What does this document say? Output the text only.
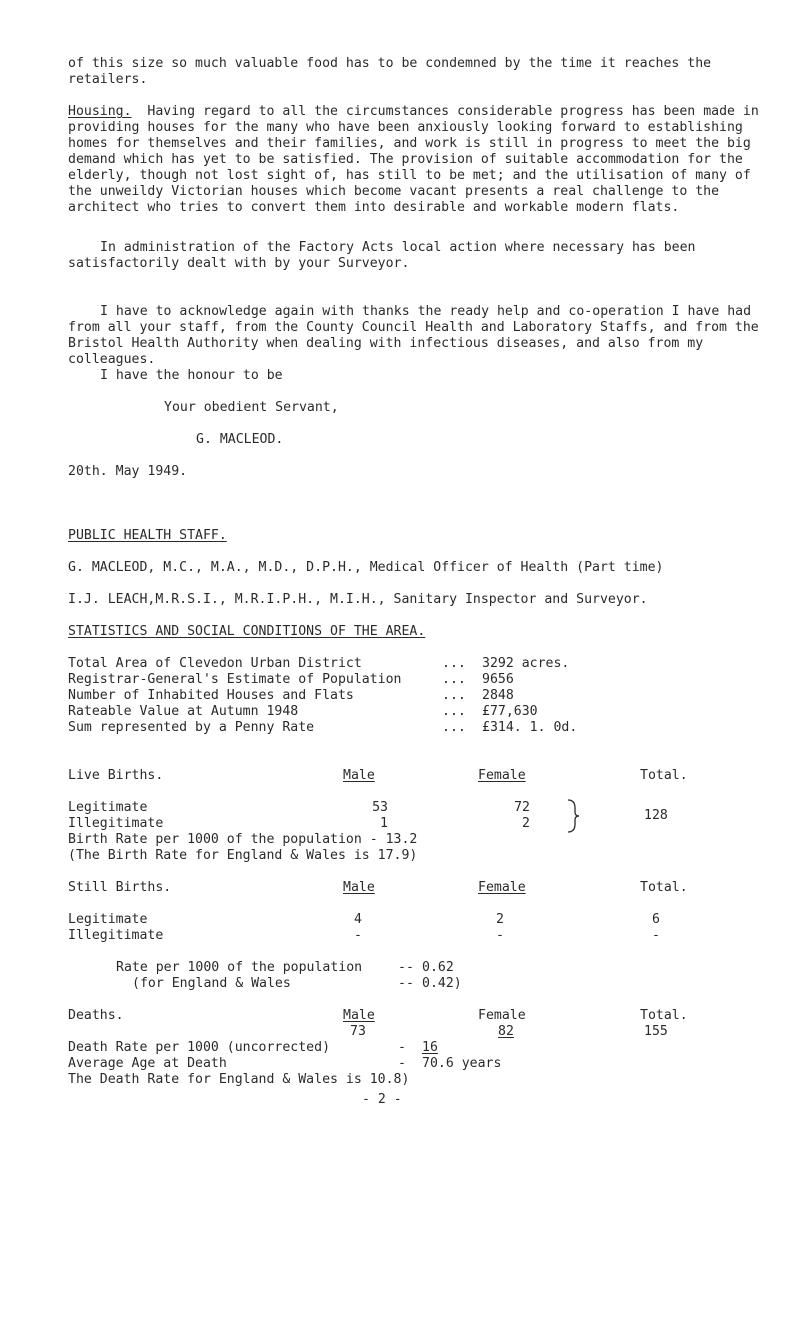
of this size so much valuable food has to be condemned by the time it reaches the retailers.
Housing. Having regard to all the circumstances considerable progress has been made in providing houses for the many who have been anxiously looking forward to establishing homes for themselves and their families, and work is still in progress to meet the big demand which has yet to be satisfied. The provision of suitable accommodation for the elderly, though not lost sight of, has still to be met; and the utilisation of many of the unweildy Victorian houses which become vacant presents a real challenge to the architect who tries to convert them into desirable and workable modern flats.
In administration of the Factory Acts local action where necessary has been satisfactorily dealt with by your Surveyor.
I have to acknowledge again with thanks the ready help and co-operation I have had from all your staff, from the County Council Health and Laboratory Staffs, and from the Bristol Health Authority when dealing with infectious diseases, and also from my colleagues.
I have the honour to be
Your obedient Servant,
G. MACLEOD.
20th. May 1949.
PUBLIC HEALTH STAFF.
G. MACLEOD, M.C., M.A., M.D., D.P.H., Medical Officer of Health (Part time)
I.J. LEACH,M.R.S.I., M.R.I.P.H., M.I.H., Sanitary Inspector and Surveyor.
STATISTICS AND SOCIAL CONDITIONS OF THE AREA.
Total Area of Clevedon Urban District	... 3292 acres.
Registrar-General's Estimate of Population	... 9656
Number of Inhabited Houses and Flats	... 2848
Rateable Value at Autumn 1948	... £77,630
Sum represented by a Penny Rate	... £314. 1. 0d.
Live Births.	Male	Female	Total.
Legitimate	53	72
Illegitimate	1	2
128
Birth Rate per 1000 of the population - 13.2
(The Birth Rate for England & Wales is 17.9)
Still Births.	Male	Female	Total.
Legitimate	4	2	6
Illegitimate	-	-	-
Rate per 1000 of the population	-- 0.62
(for England & Wales	-- 0.42)
Deaths.	Male	Female	Total.
73	82	155
Death Rate per 1000 (uncorrected)	- 16
Average Age at Death	- 70.6 years
The Death Rate for England & Wales is 10.8)
- 2 -
